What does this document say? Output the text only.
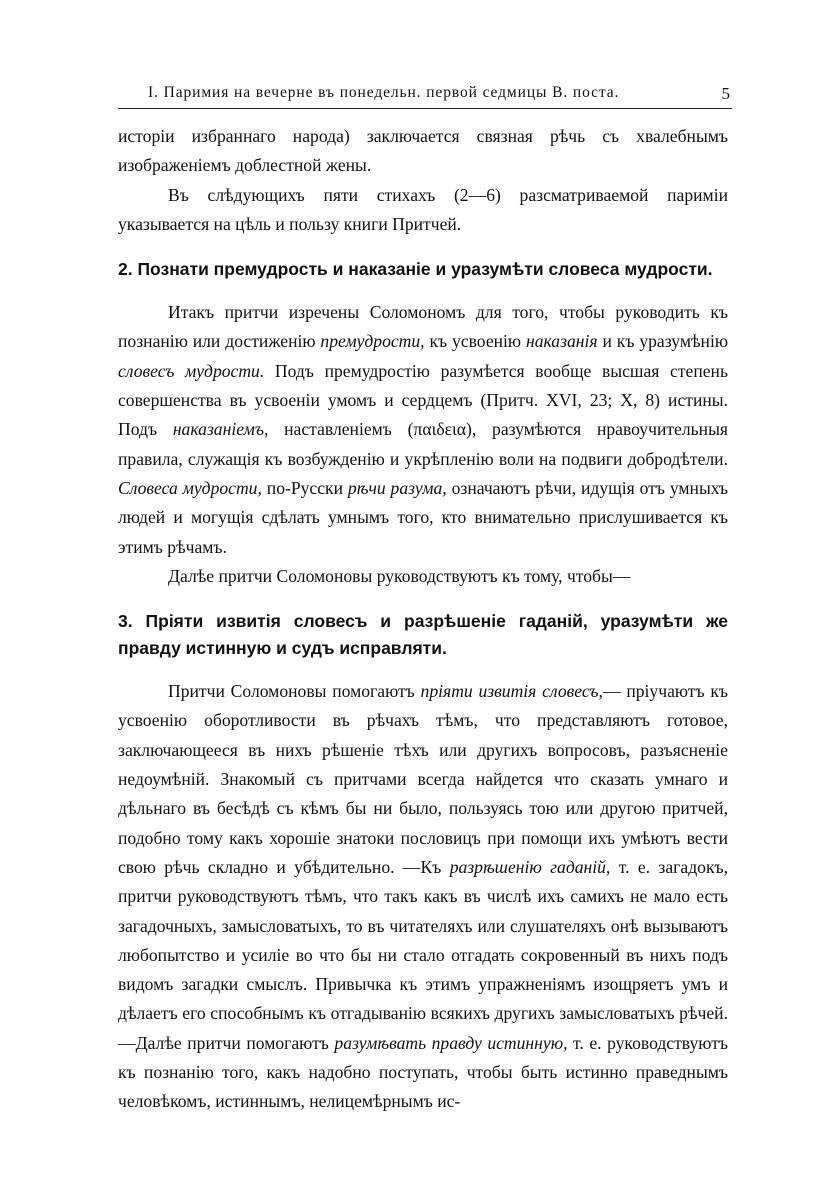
I. Паримия на вечерне въ понедельн. первой седмицы В. поста.	5

исторіи избраннаго народа) заключается связная рѣчь съ хвалебнымъ изображеніемъ доблестной жены.

Въ слѣдующихъ пяти стихахъ (2—6) разсматриваемой паримiи указывается на цѣль и пользу книги Притчей.

2. Познати премудрость и наказаніе и уразумѣти словеса мудрости.

Итакъ притчи изречены Соломономъ для того, чтобы руководить къ познанію или достиженію премудрости, къ усвоенію наказанія и къ уразумѣнію словесъ мудрости. Подъ премудростію разумѣется вообще высшая степень совершенства въ усвоеніи умомъ и сердцемъ (Притч. XVI, 23; X, 8) истины. Подъ наказаніемъ, наставленіемъ (παιδεια), разумѣются нравоучительныя правила, служащія къ возбужденію и укрѣпленію воли на подвиги добродѣтели. Словеса мудрости, по-Русски рѣчи разума, означаютъ рѣчи, идущія отъ умныхъ людей и могущія сдѣлать умнымъ того, кто внимательно прислушивается къ этимъ рѣчамъ.

Далѣе притчи Соломоновы руководствуютъ къ тому, чтобы—

3. Пріяти извитія словесъ и разрѣшеніе гаданій, уразумѣти же правду истинную и судъ исправляти.

Притчи Соломоновы помогаютъ пріяти извитія словесъ,— пріучаютъ къ усвоенію оборотливости въ рѣчахъ тѣмъ, что представляютъ готовое, заключающееся въ нихъ рѣшеніе тѣхъ или другихъ вопросовъ, разъясненіе недоумѣній. Знакомый съ притчами всегда найдется что сказать умнаго и дѣльнаго въ бесѣдѣ съ кѣмъ бы ни было, пользуясь тою или другою притчей, подобно тому какъ хорошіе знатоки пословицъ при помощи ихъ умѣютъ вести свою рѣчь складно и убѣдительно. —Къ разрѣшенію гаданій, т. е. загадокъ, притчи руководствуютъ тѣмъ, что такъ какъ въ числѣ ихъ самихъ не мало есть загадочныхъ, замысловатыхъ, то въ читателяхъ или слушателяхъ онѣ вызываютъ любопытство и усиліе во что бы ни стало отгадать сокровенный въ нихъ подъ видомъ загадки смыслъ. Привычка къ этимъ упражненіямъ изощряетъ умъ и дѣлаетъ его способнымъ къ отгадыванію всякихъ другихъ замысловатыхъ рѣчей. —Далѣе притчи помогаютъ разумѣвать правду истинную, т. е. руководствуютъ къ познанію того, какъ надобно поступать, чтобы быть истинно праведнымъ человѣкомъ, истиннымъ, нелицемѣрнымъ ис-
